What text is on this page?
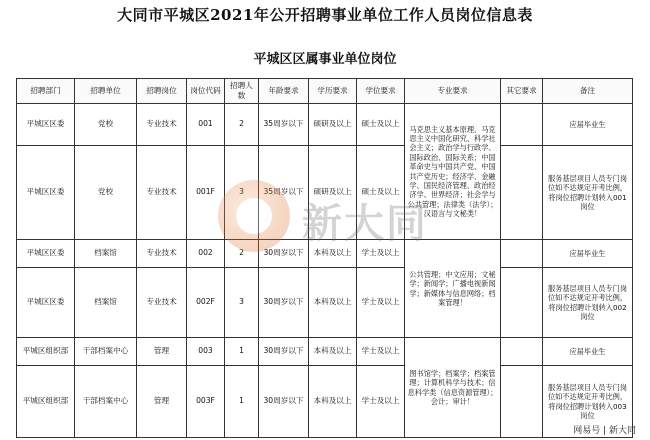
大同市平城区2021年公开招聘事业单位工作人员岗位信息表
平城区区属事业单位岗位
招聘部门	招聘单位	招聘岗位	岗位代码	招聘人数	年龄要求	学历要求	学位要求	专业要求	其它要求	备注
平城区区委	党校	专业技术	001	2	35周岁以下	硕研及以上	硕士及以上	马克思主义基本原理、马克思主义中国化研究、科学社会主义；政治学与行政学、国际政治、国际关系；中国革命史与中国共产党、中国共产党历史；经济学、金融学、国民经济管理、政治经济学、世界经济；社会学与公共管理；法律类（法学）；汉语言与文秘类！		应届毕业生
平城区区委	党校	专业技术	001F	3	35周岁以下	硕研及以上	硕士及以上			服务基层项目人员专门岗位如不达规定开考比例，将岗位招聘计划转入001岗位
平城区区委	档案馆	专业技术	002	2	30周岁以下	本科及以上	学士及以上	公共管理；中文应用；文秘学；新闻学；广播电视新闻学；新媒体与信息网络；档案管理！		应届毕业生
平城区区委	档案馆	专业技术	002F	3	30周岁以下	本科及以上	学士及以上			服务基层项目人员专门岗位如不达规定开考比例，将岗位招聘计划转入002岗位
平城区组织部	干部档案中心	管理	003	1	30周岁以下	本科及以上	学士及以上	图书馆学；档案学；档案管理；计算机科学与技术；信息科学类（信息资源管理）；会计；审计！		应届毕业生
平城区组织部	干部档案中心	管理	003F	1	30周岁以下	本科及以上	学士及以上			服务基层项目人员专门岗位如不达规定开考比例，将岗位招聘计划转入003岗位
新大同
网易号 | 新大同
